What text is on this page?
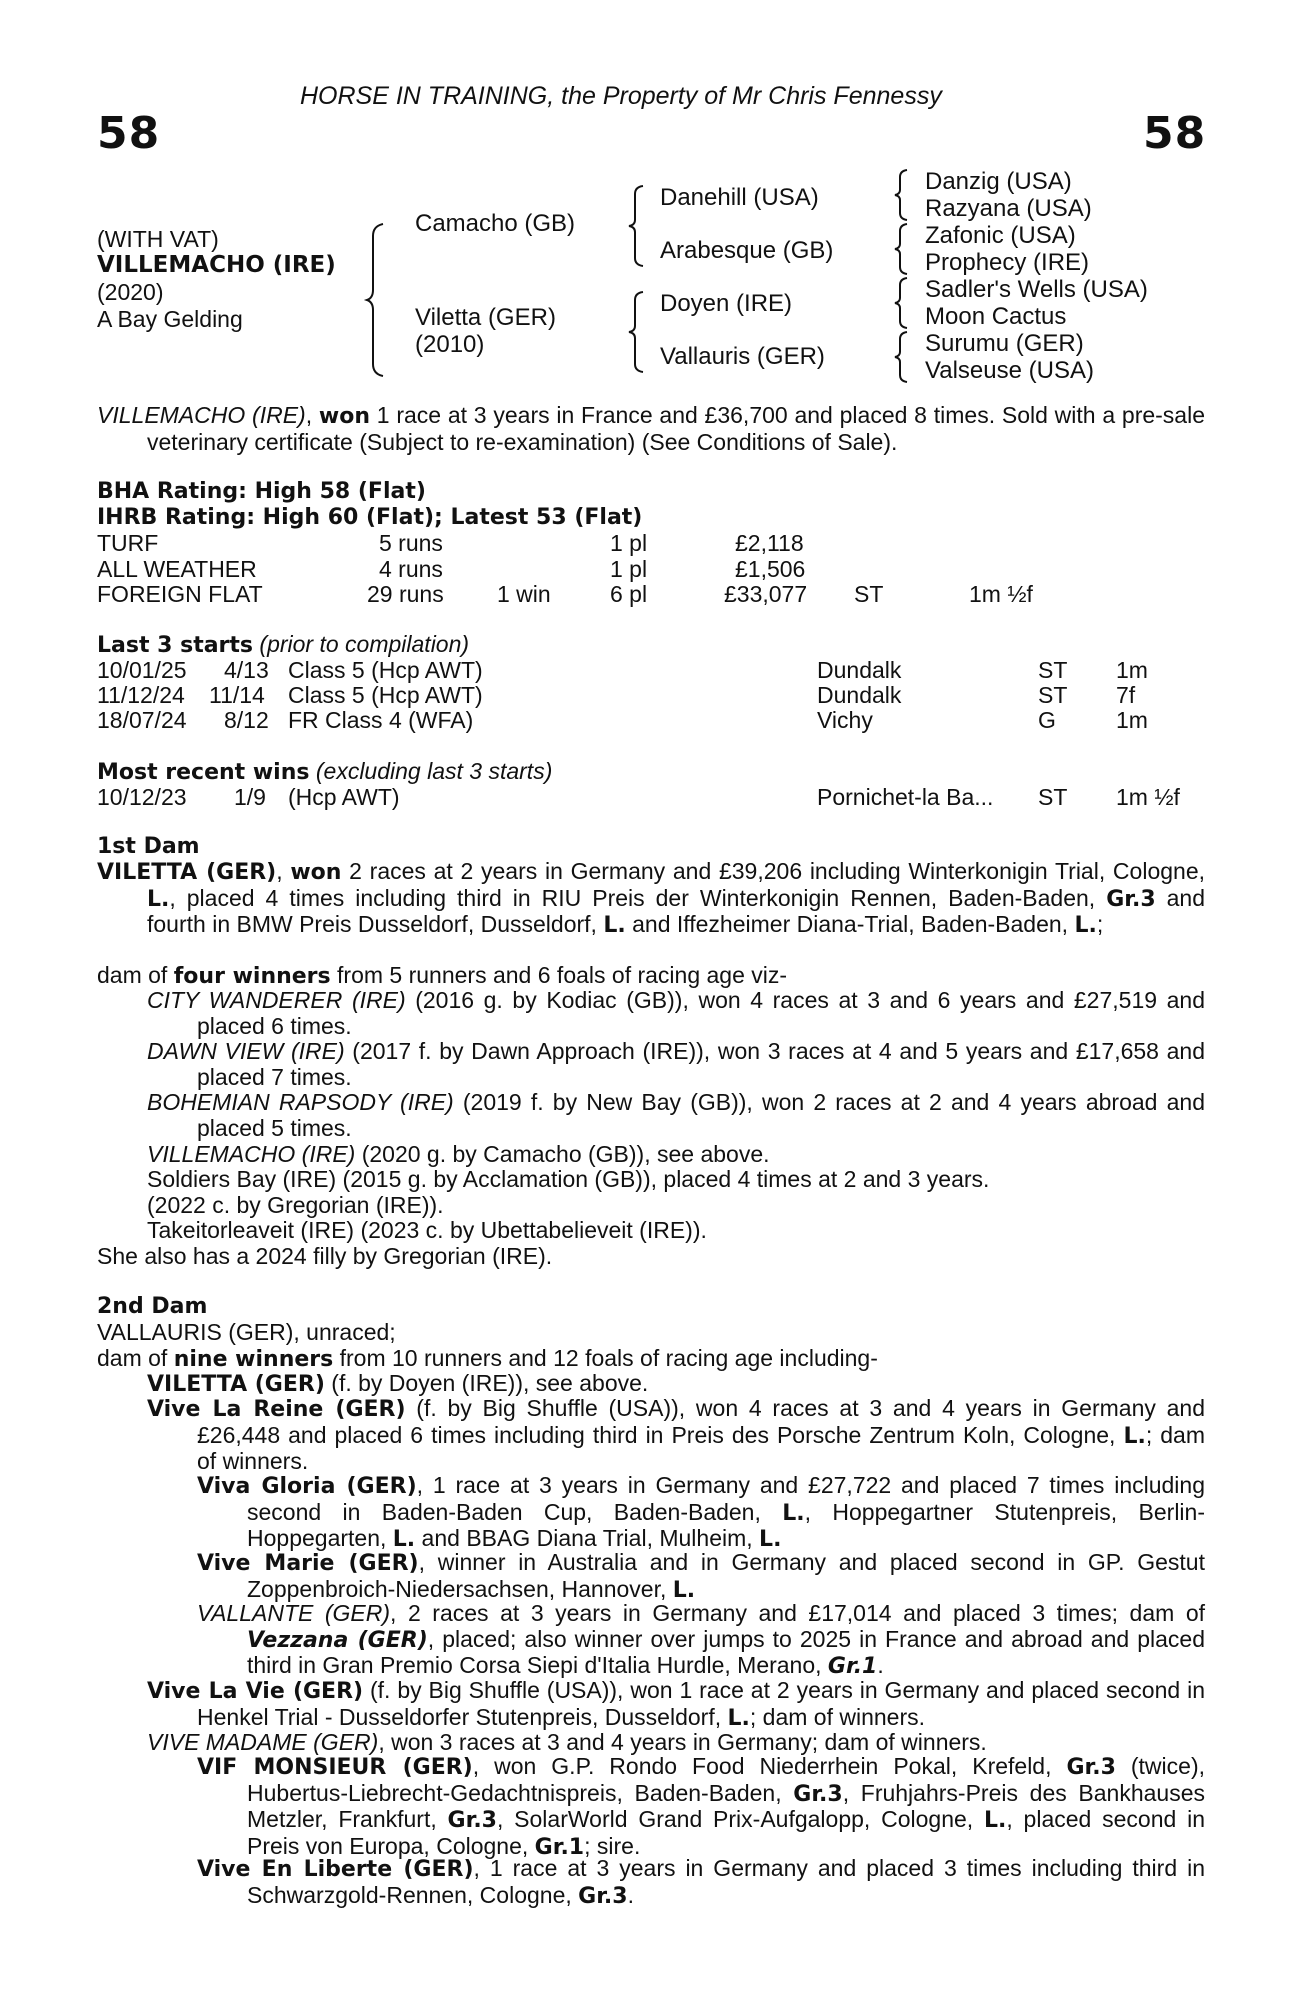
58	58
HORSE IN TRAINING, the Property of Mr Chris Fennessy
(WITH VAT)
VILLEMACHO (IRE)
(2020)
A Bay Gelding
Camacho (GB)
Viletta (GER)
(2010)
Danehill (USA)
Arabesque (GB)
Doyen (IRE)
Vallauris (GER)
Danzig (USA)
Razyana (USA)
Zafonic (USA)
Prophecy (IRE)
Sadler's Wells (USA)
Moon Cactus
Surumu (GER)
Valseuse (USA)
VILLEMACHO (IRE), won 1 race at 3 years in France and £36,700 and placed 8 times. Sold with a pre-sale veterinary certificate (Subject to re-examination) (See Conditions of Sale).
BHA Rating: High 58 (Flat)
IHRB Rating: High 60 (Flat); Latest 53 (Flat)
TURF	5 runs	1 pl	£2,118
ALL WEATHER	4 runs	1 pl	£1,506
FOREIGN FLAT	29 runs 1 win	6 pl	£33,077 ST	1m ½f
Last 3 starts (prior to compilation)
10/01/25 4/13 Class 5 (Hcp AWT)	Dundalk	ST 1m
11/12/24 11/14 Class 5 (Hcp AWT)	Dundalk	ST 7f
18/07/24 8/12 FR Class 4 (WFA)	Vichy	G	1m
Most recent wins (excluding last 3 starts)
10/12/23 1/9 (Hcp AWT)	Pornichet-la Ba... ST 1m ½f
1st Dam
VILETTA (GER), won 2 races at 2 years in Germany and £39,206 including Winterkonigin Trial, Cologne, L., placed 4 times including third in RIU Preis der Winterkonigin Rennen, Baden-Baden, Gr.3 and fourth in BMW Preis Dusseldorf, Dusseldorf, L. and Iffezheimer Diana-Trial, Baden-Baden, L.;
dam of four winners from 5 runners and 6 foals of racing age viz-
CITY WANDERER (IRE) (2016 g. by Kodiac (GB)), won 4 races at 3 and 6 years and £27,519 and placed 6 times.
DAWN VIEW (IRE) (2017 f. by Dawn Approach (IRE)), won 3 races at 4 and 5 years and £17,658 and placed 7 times.
BOHEMIAN RAPSODY (IRE) (2019 f. by New Bay (GB)), won 2 races at 2 and 4 years abroad and placed 5 times.
VILLEMACHO (IRE) (2020 g. by Camacho (GB)), see above.
Soldiers Bay (IRE) (2015 g. by Acclamation (GB)), placed 4 times at 2 and 3 years.
(2022 c. by Gregorian (IRE)).
Takeitorleaveit (IRE) (2023 c. by Ubettabelieveit (IRE)).
She also has a 2024 filly by Gregorian (IRE).
2nd Dam
VALLAURIS (GER), unraced;
dam of nine winners from 10 runners and 12 foals of racing age including-
VILETTA (GER) (f. by Doyen (IRE)), see above.
Vive La Reine (GER) (f. by Big Shuffle (USA)), won 4 races at 3 and 4 years in Germany and £26,448 and placed 6 times including third in Preis des Porsche Zentrum Koln, Cologne, L.; dam of winners.
Viva Gloria (GER), 1 race at 3 years in Germany and £27,722 and placed 7 times including second in Baden-Baden Cup, Baden-Baden, L., Hoppegartner Stutenpreis, Berlin-Hoppegarten, L. and BBAG Diana Trial, Mulheim, L.
Vive Marie (GER), winner in Australia and in Germany and placed second in GP. Gestut Zoppenbroich-Niedersachsen, Hannover, L.
VALLANTE (GER), 2 races at 3 years in Germany and £17,014 and placed 3 times; dam of Vezzana (GER), placed; also winner over jumps to 2025 in France and abroad and placed third in Gran Premio Corsa Siepi d'Italia Hurdle, Merano, Gr.1.
Vive La Vie (GER) (f. by Big Shuffle (USA)), won 1 race at 2 years in Germany and placed second in Henkel Trial - Dusseldorfer Stutenpreis, Dusseldorf, L.; dam of winners.
VIVE MADAME (GER), won 3 races at 3 and 4 years in Germany; dam of winners.
VIF MONSIEUR (GER), won G.P. Rondo Food Niederrhein Pokal, Krefeld, Gr.3 (twice), Hubertus-Liebrecht-Gedachtnispreis, Baden-Baden, Gr.3, Fruhjahrs-Preis des Bankhauses Metzler, Frankfurt, Gr.3, SolarWorld Grand Prix-Aufgalopp, Cologne, L., placed second in Preis von Europa, Cologne, Gr.1; sire.
Vive En Liberte (GER), 1 race at 3 years in Germany and placed 3 times including third in Schwarzgold-Rennen, Cologne, Gr.3.
